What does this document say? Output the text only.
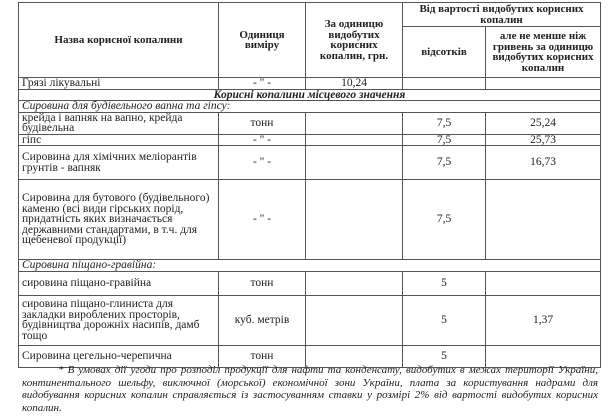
Назва корисної копалини	Одиниця виміру	За одиницю видобутих корисних копалин, грн.	Від вартості видобутих корисних копалин	
			відсотків	але не менше ніж гривень за одиницю видобутих корисних копалин
Грязі лікувальні	- " -	10,24		
Корисні копалини місцевого значення				
Сировина для будівельного вапна та гіпсу:				
крейда і вапняк на вапно, крейда будівельна	тонн		7,5	25,24
гіпс	- " -		7,5	25,73
Сировина для хімічних меліорантів грунтів - вапняк	- " -		7,5	16,73
Сировина для бутового (будівельного) каменю (всі види гірських порід, придатність яких визначається державними стандартами, в т.ч. для щебеневої продукції)	- " -		7,5	
Сировина піщано-гравійна:				
сировина піщано-гравійна	тонн		5	
сировина піщано-глиниста для закладки вироблених просторів, будівництва дорожніх насипів, дамб тощо	куб. метрів		5	1,37
Сировина цегельно-черепична	тонн		5	
* В умовах дії угоди про розподіл продукції для нафти та конденсату, видобутих в межах території України, континентального шельфу, виключної (морської) економічної зони України, плата за користування надрами для видобування корисних копалин справляється із застосуванням ставки у розмірі 2% від вартості видобутих корисних копалин.
